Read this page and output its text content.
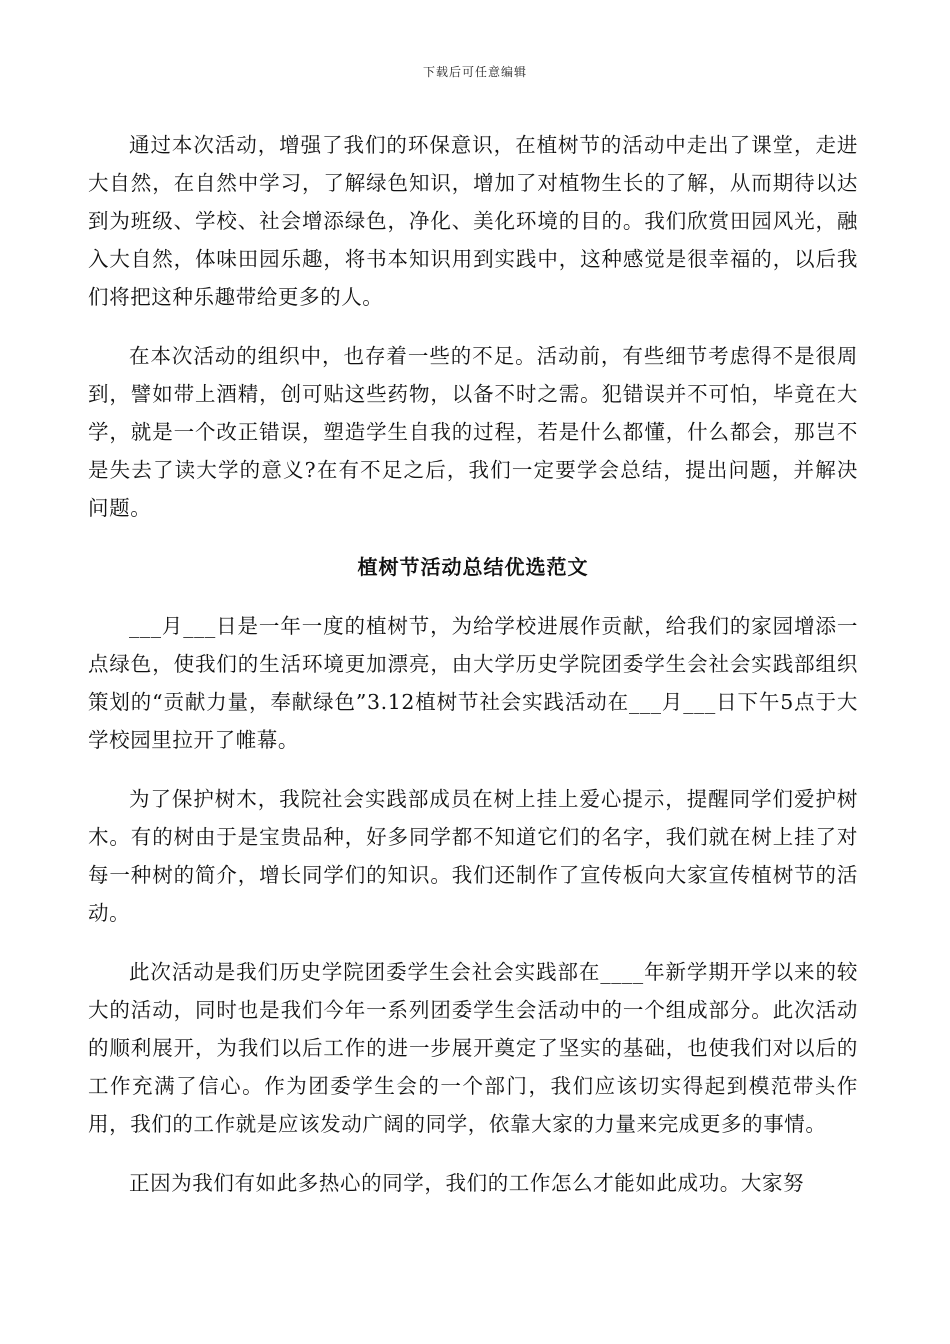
下载后可任意编辑

通过本次活动，增强了我们的环保意识，在植树节的活动中走出了课堂，走进大自然，在自然中学习，了解绿色知识，增加了对植物生长的了解，从而期待以达到为班级、学校、社会增添绿色，净化、美化环境的目的。我们欣赏田园风光，融入大自然，体味田园乐趣，将书本知识用到实践中，这种感觉是很幸福的，以后我们将把这种乐趣带给更多的人。

在本次活动的组织中，也存着一些的不足。活动前，有些细节考虑得不是很周到，譬如带上酒精，创可贴这些药物，以备不时之需。犯错误并不可怕，毕竟在大学，就是一个改正错误，塑造学生自我的过程，若是什么都懂，什么都会，那岂不是失去了读大学的意义?在有不足之后，我们一定要学会总结，提出问题，并解决问题。

植树节活动总结优选范文

___月___日是一年一度的植树节，为给学校进展作贡献，给我们的家园增添一点绿色，使我们的生活环境更加漂亮，由大学历史学院团委学生会社会实践部组织策划的“贡献力量，奉献绿色”3.12植树节社会实践活动在___月___日下午5点于大学校园里拉开了帷幕。

为了保护树木，我院社会实践部成员在树上挂上爱心提示，提醒同学们爱护树木。有的树由于是宝贵品种，好多同学都不知道它们的名字，我们就在树上挂了对每一种树的简介，增长同学们的知识。我们还制作了宣传板向大家宣传植树节的活动。

此次活动是我们历史学院团委学生会社会实践部在____年新学期开学以来的较大的活动，同时也是我们今年一系列团委学生会活动中的一个组成部分。此次活动的顺利展开，为我们以后工作的进一步展开奠定了坚实的基础，也使我们对以后的工作充满了信心。作为团委学生会的一个部门，我们应该切实得起到模范带头作用，我们的工作就是应该发动广阔的同学，依靠大家的力量来完成更多的事情。

正因为我们有如此多热心的同学，我们的工作怎么才能如此成功。大家努
